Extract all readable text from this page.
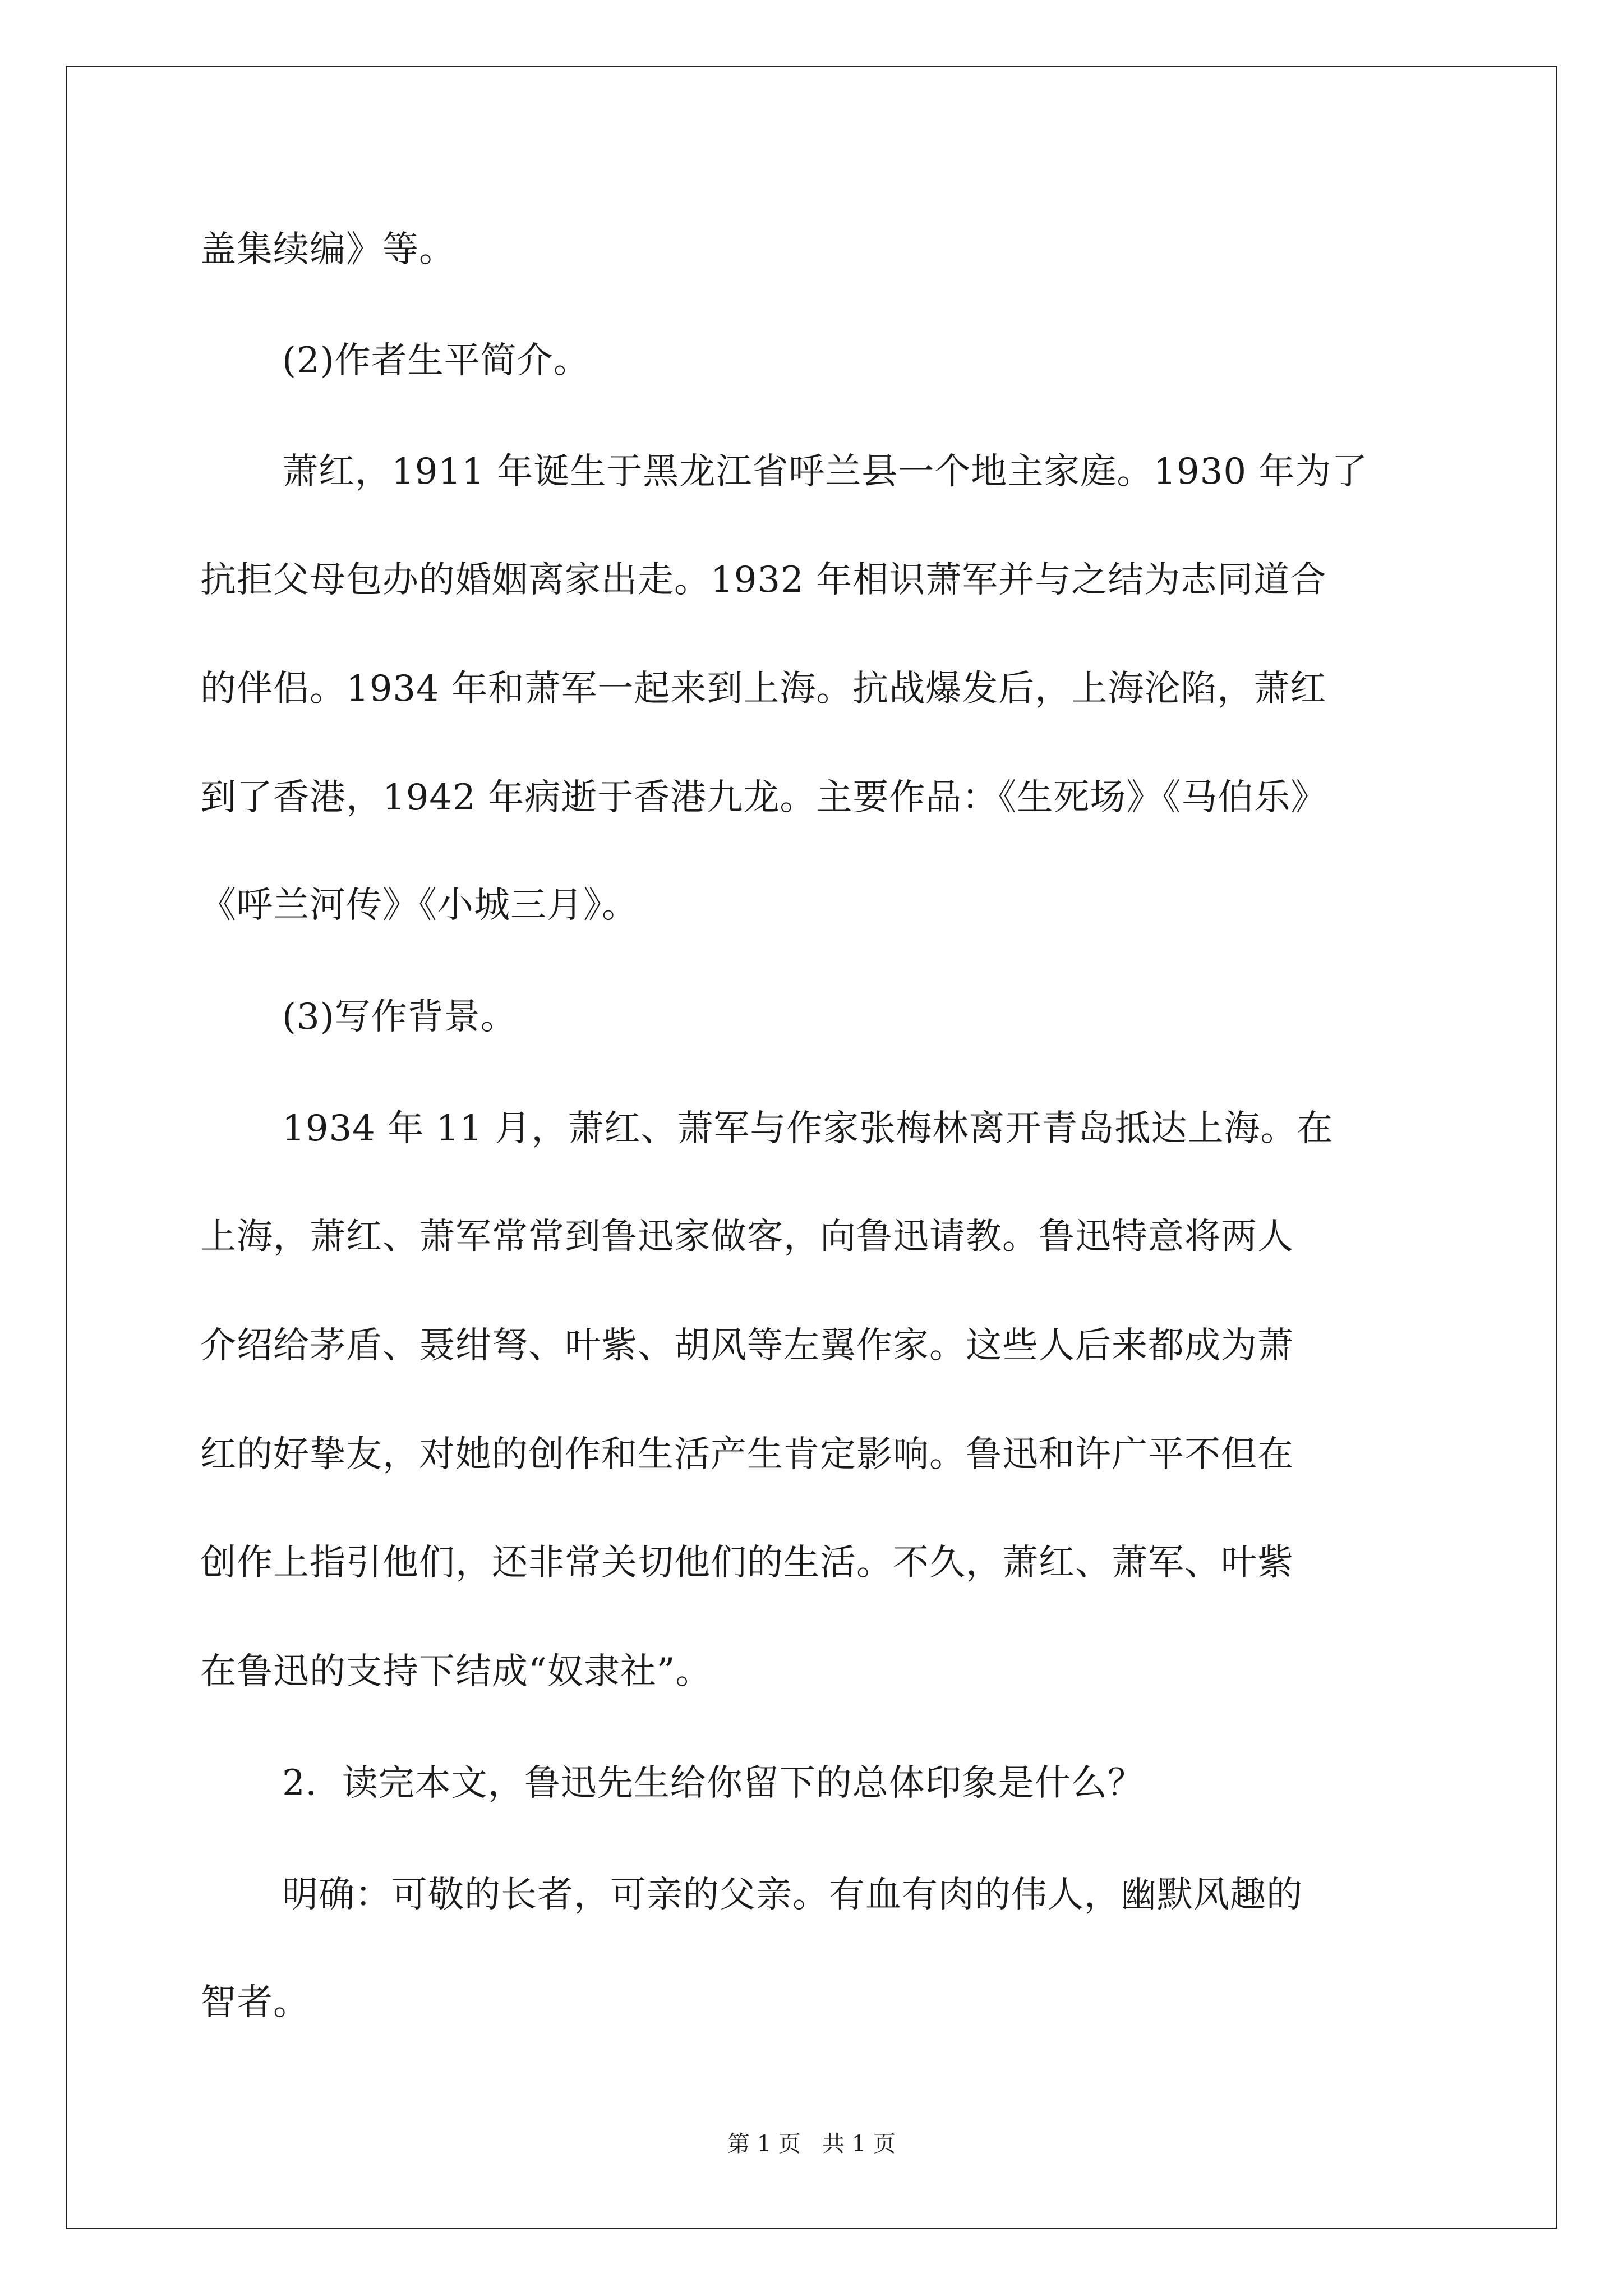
盖集续编》等。
(2)作者生平简介。
萧红，1911 年诞生于黑龙江省呼兰县一个地主家庭。1930 年为了
抗拒父母包办的婚姻离家出走。1932 年相识萧军并与之结为志同道合
的伴侣。1934 年和萧军一起来到上海。抗战爆发后，上海沦陷，萧红
到了香港，1942 年病逝于香港九龙。主要作品：《生死场》《马伯乐》
《呼兰河传》《小城三月》。
(3)写作背景。
1934 年 11 月，萧红、萧军与作家张梅林离开青岛抵达上海。在
上海，萧红、萧军常常到鲁迅家做客，向鲁迅请教。鲁迅特意将两人
介绍给茅盾、聂绀弩、叶紫、胡风等左翼作家。这些人后来都成为萧
红的好挚友，对她的创作和生活产生肯定影响。鲁迅和许广平不但在
创作上指引他们，还非常关切他们的生活。不久，萧红、萧军、叶紫
在鲁迅的支持下结成“奴隶社”。
2．读完本文，鲁迅先生给你留下的总体印象是什么？
明确：可敬的长者，可亲的父亲。有血有肉的伟人，幽默风趣的
智者。
第 1 页   共 1 页
